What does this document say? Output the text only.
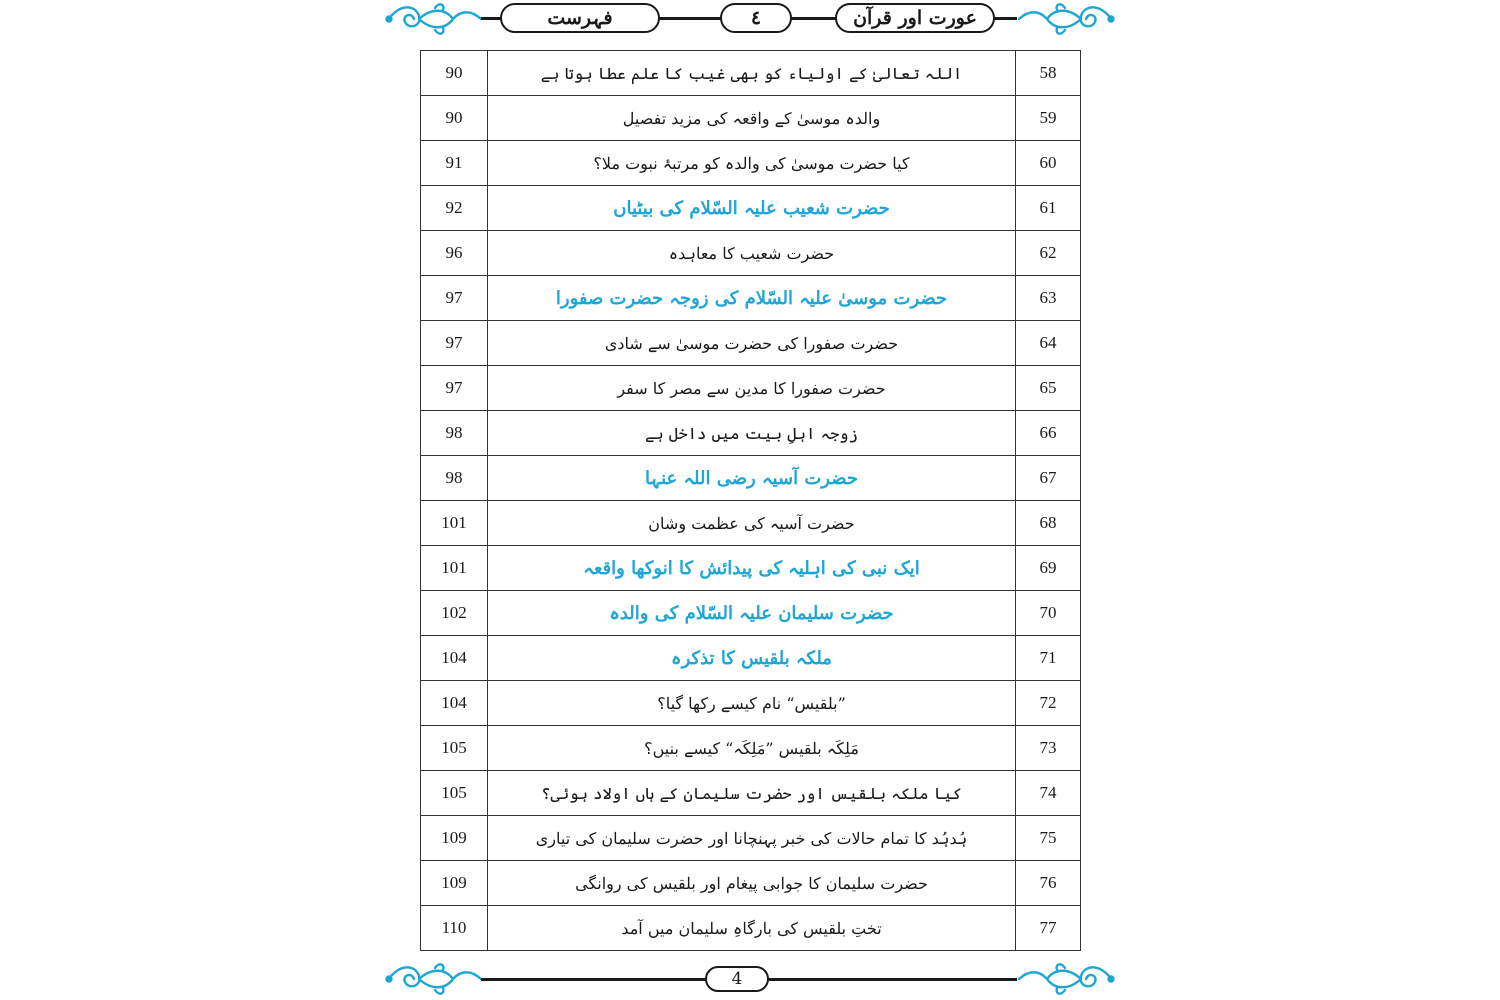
فہرست	٤	عورت اور قرآن
90	اللہ تعالیٰ کے اولیاء کو بھی غیب کا علم عطا ہوتا ہے	58
90	والدہ موسیٰ کے واقعہ کی مزید تفصیل	59
91	کیا حضرت موسیٰ کی والدہ کو مرتبۂ نبوت ملا؟	60
92	حضرت شعیب علیہ السّلام کی بیٹیاں	61
96	حضرت شعیب کا معاہدہ	62
97	حضرت موسیٰ علیہ السّلام کی زوجہ حضرت صفورا	63
97	حضرت صفورا کی حضرت موسیٰ سے شادی	64
97	حضرت صفورا کا مدین سے مصر کا سفر	65
98	زوجہ اہلِ بیت میں داخل ہے	66
98	حضرت آسیہ رضی اللہ عنہا	67
101	حضرت آسیہ کی عظمت وشان	68
101	ایک نبی کی اہلیہ کی پیدائش کا انوکھا واقعہ	69
102	حضرت سلیمان علیہ السّلام کی والدہ	70
104	ملکہ بلقیس کا تذکرہ	71
104	”بلقیس“ نام کیسے رکھا گیا؟	72
105	مَلِکَہ بلقیس ”مَلِکَہ“ کیسے بنیں؟	73
105	کیا ملکہ بلقیس اور حضرت سلیمان کے ہاں اولاد ہوئی؟	74
109	ہُدہُد کا تمام حالات کی خبر پہنچانا اور حضرت سلیمان کی تیاری	75
109	حضرت سلیمان کا جوابی پیغام اور بلقیس کی روانگی	76
110	تختِ بلقیس کی بارگاہِ سلیمان میں آمد	77
4
